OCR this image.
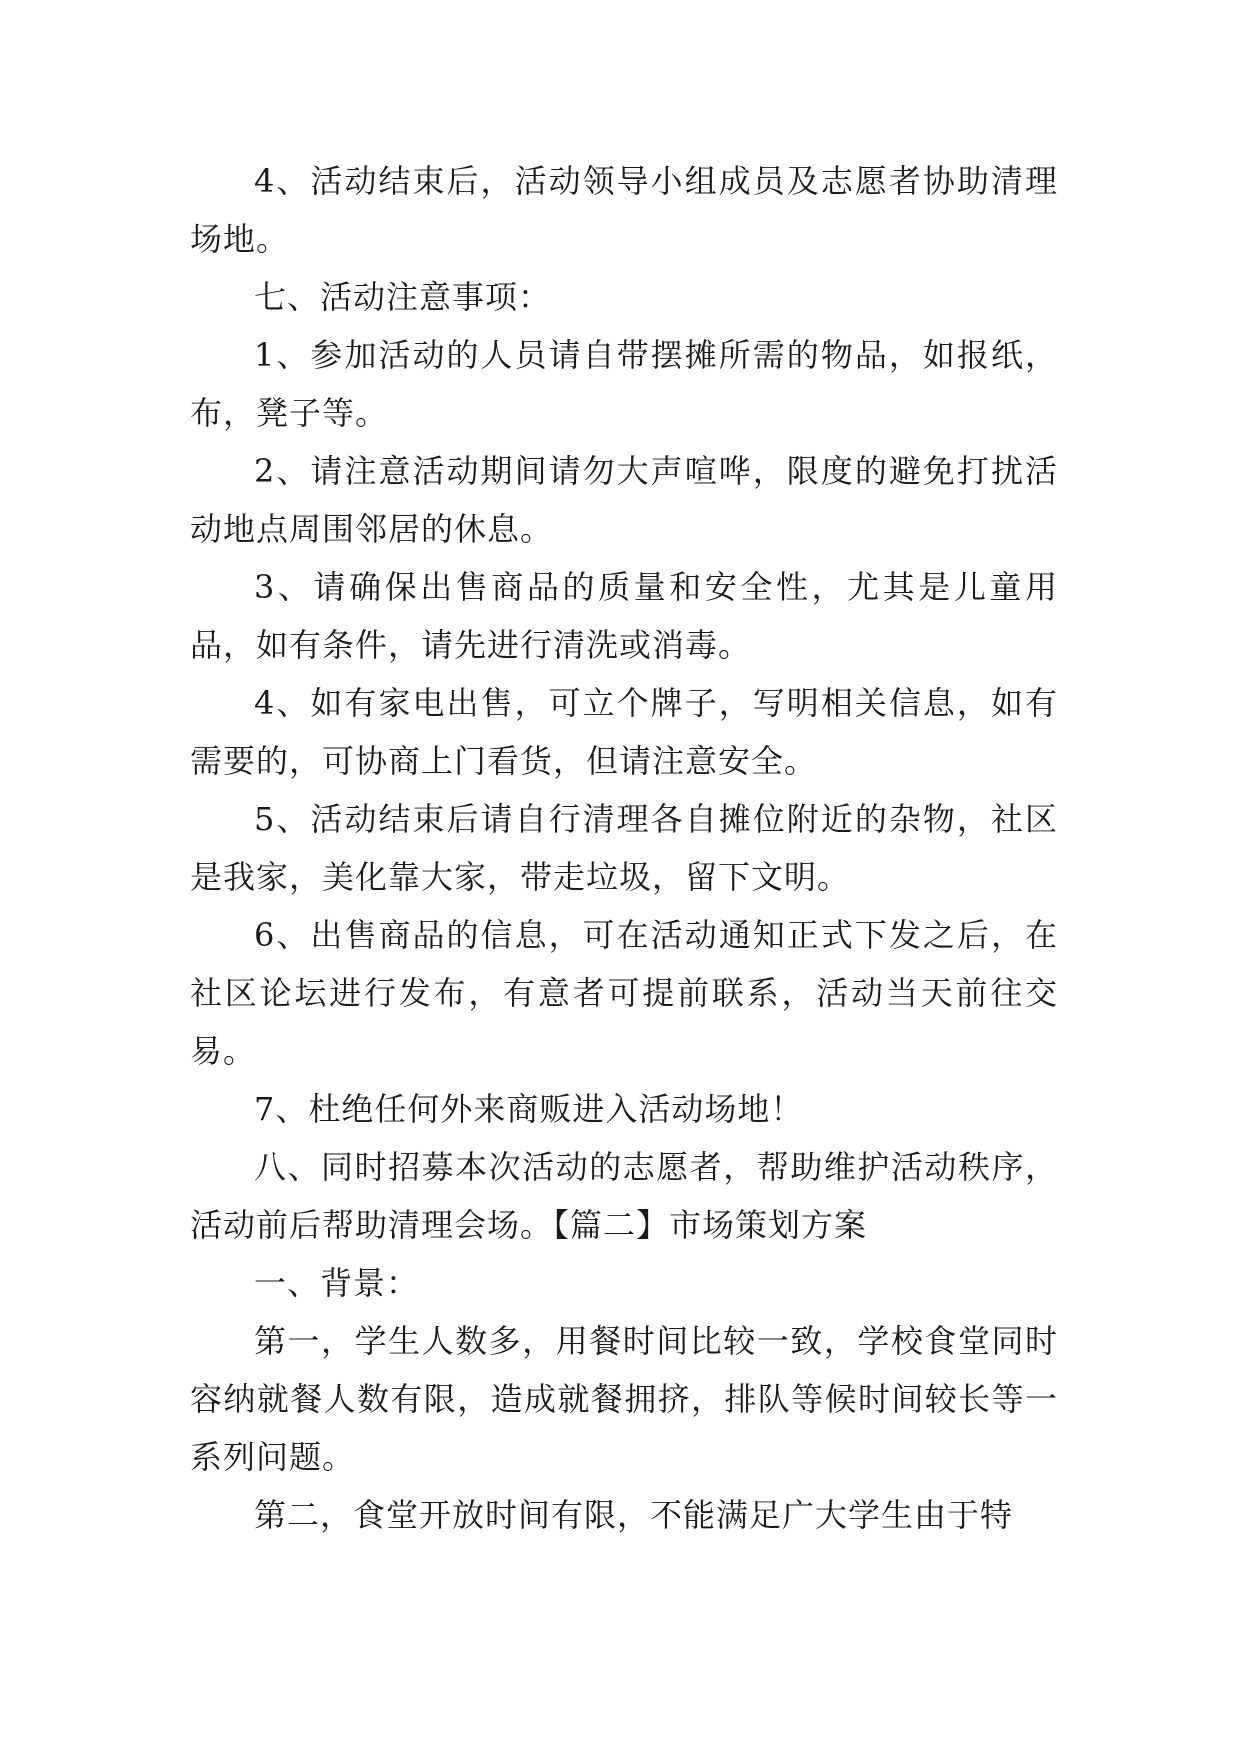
4、活动结束后，活动领导小组成员及志愿者协助清理场地。

七、活动注意事项：

1、参加活动的人员请自带摆摊所需的物品，如报纸，布，凳子等。

2、请注意活动期间请勿大声喧哗，限度的避免打扰活动地点周围邻居的休息。

3、请确保出售商品的质量和安全性，尤其是儿童用品，如有条件，请先进行清洗或消毒。

4、如有家电出售，可立个牌子，写明相关信息，如有需要的，可协商上门看货，但请注意安全。

5、活动结束后请自行清理各自摊位附近的杂物，社区是我家，美化靠大家，带走垃圾，留下文明。

6、出售商品的信息，可在活动通知正式下发之后，在社区论坛进行发布，有意者可提前联系，活动当天前往交易。

7、杜绝任何外来商贩进入活动场地！

八、同时招募本次活动的志愿者，帮助维护活动秩序，活动前后帮助清理会场。【篇二】市场策划方案

一、背景：

第一，学生人数多，用餐时间比较一致，学校食堂同时容纳就餐人数有限，造成就餐拥挤，排队等候时间较长等一系列问题。

第二，食堂开放时间有限，不能满足广大学生由于特
